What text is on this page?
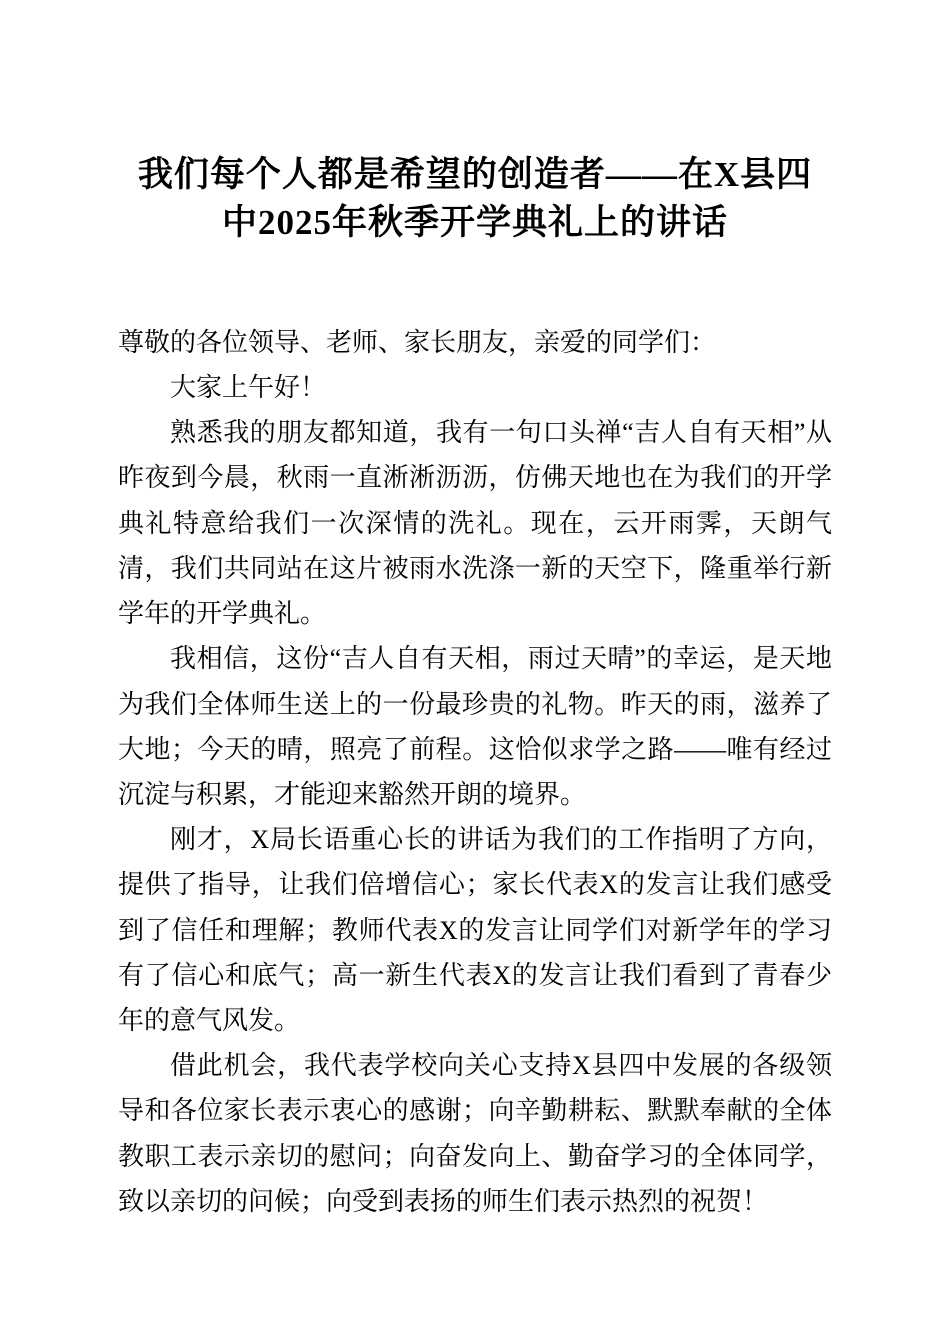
我们每个人都是希望的创造者——在X县四
中2025年秋季开学典礼上的讲话

尊敬的各位领导、老师、家长朋友，亲爱的同学们：

大家上午好！

熟悉我的朋友都知道，我有一句口头禅“吉人自有天相”从昨夜到今晨，秋雨一直淅淅沥沥，仿佛天地也在为我们的开学典礼特意给我们一次深情的洗礼。现在，云开雨霁，天朗气清，我们共同站在这片被雨水洗涤一新的天空下，隆重举行新学年的开学典礼。

我相信，这份“吉人自有天相，雨过天晴”的幸运，是天地为我们全体师生送上的一份最珍贵的礼物。昨天的雨，滋养了大地；今天的晴，照亮了前程。这恰似求学之路——唯有经过沉淀与积累，才能迎来豁然开朗的境界。

刚才，X局长语重心长的讲话为我们的工作指明了方向，提供了指导，让我们倍增信心；家长代表X的发言让我们感受到了信任和理解；教师代表X的发言让同学们对新学年的学习有了信心和底气；高一新生代表X的发言让我们看到了青春少年的意气风发。

借此机会，我代表学校向关心支持X县四中发展的各级领导和各位家长表示衷心的感谢；向辛勤耕耘、默默奉献的全体教职工表示亲切的慰问；向奋发向上、勤奋学习的全体同学，致以亲切的问候；向受到表扬的师生们表示热烈的祝贺！
